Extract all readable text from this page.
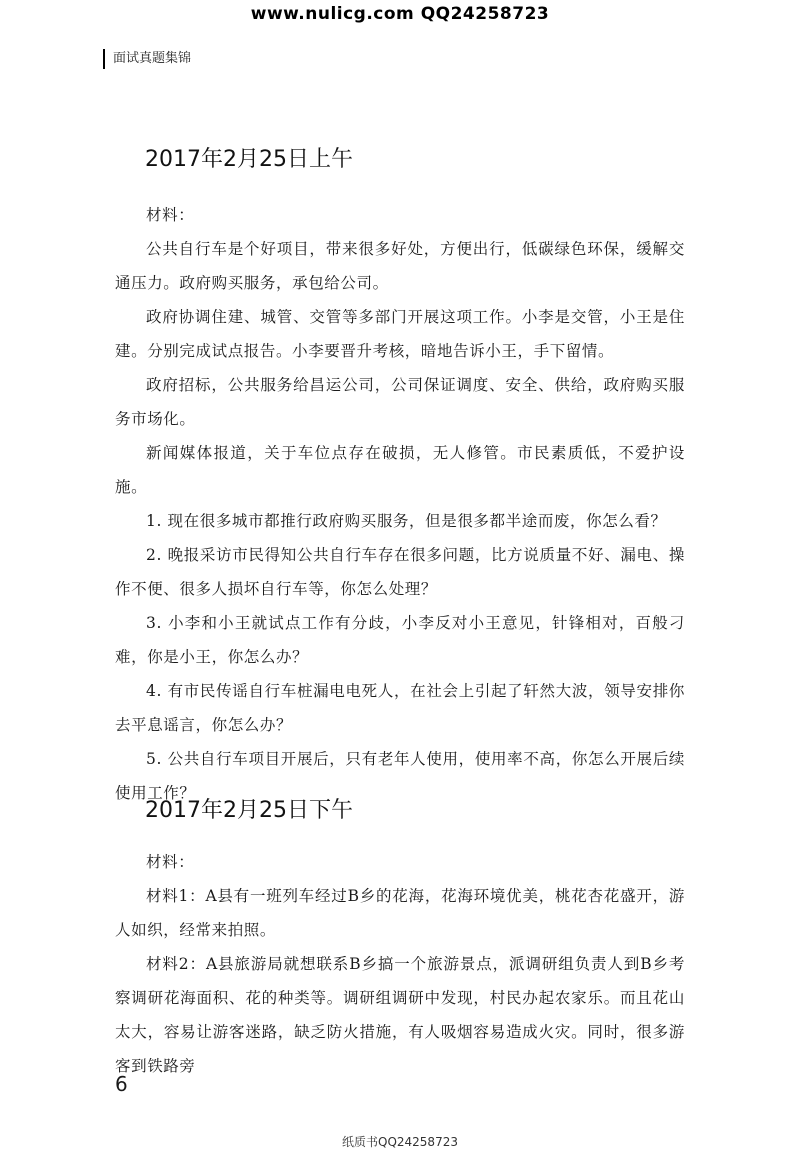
www.nulicg.com QQ24258723
面试真题集锦
2017年2月25日上午

材料：

公共自行车是个好项目，带来很多好处，方便出行，低碳绿色环保，缓解交通压力。政府购买服务，承包给公司。

政府协调住建、城管、交管等多部门开展这项工作。小李是交管，小王是住建。分别完成试点报告。小李要晋升考核，暗地告诉小王，手下留情。

政府招标，公共服务给昌运公司，公司保证调度、安全、供给，政府购买服务市场化。

新闻媒体报道，关于车位点存在破损，无人修管。市民素质低，不爱护设施。

1. 现在很多城市都推行政府购买服务，但是很多都半途而废，你怎么看？

2. 晚报采访市民得知公共自行车存在很多问题，比方说质量不好、漏电、操作不便、很多人损坏自行车等，你怎么处理？

3. 小李和小王就试点工作有分歧，小李反对小王意见，针锋相对，百般刁难，你是小王，你怎么办？

4. 有市民传谣自行车桩漏电电死人，在社会上引起了轩然大波，领导安排你去平息谣言，你怎么办？

5. 公共自行车项目开展后，只有老年人使用，使用率不高，你怎么开展后续使用工作？

2017年2月25日下午

材料：

材料1：A县有一班列车经过B乡的花海，花海环境优美，桃花杏花盛开，游人如织，经常来拍照。

材料2：A县旅游局就想联系B乡搞一个旅游景点，派调研组负责人到B乡考察调研花海面积、花的种类等。调研组调研中发现，村民办起农家乐。而且花山太大，容易让游客迷路，缺乏防火措施，有人吸烟容易造成火灾。同时，很多游客到铁路旁

6
纸质书QQ24258723
